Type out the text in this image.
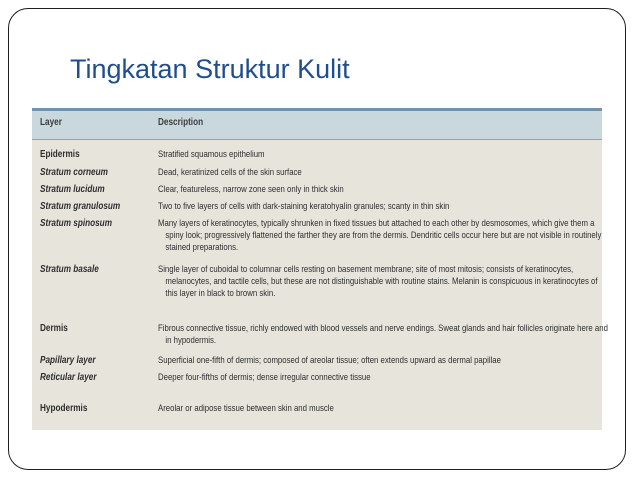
Tingkatan Struktur Kulit
Layer	Description
Epidermis	Stratified squamous epithelium
Stratum corneum	Dead, keratinized cells of the skin surface
Stratum lucidum	Clear, featureless, narrow zone seen only in thick skin
Stratum granulosum	Two to five layers of cells with dark-staining keratohyalin granules; scanty in thin skin
Stratum spinosum	Many layers of keratinocytes, typically shrunken in fixed tissues but attached to each other by desmosomes, which give them a spiny look; progressively flattened the farther they are from the dermis. Dendritic cells occur here but are not visible in routinely stained preparations.
Stratum basale	Single layer of cuboidal to columnar cells resting on basement membrane; site of most mitosis; consists of keratinocytes, melanocytes, and tactile cells, but these are not distinguishable with routine stains. Melanin is conspicuous in keratinocytes of this layer in black to brown skin.
Dermis	Fibrous connective tissue, richly endowed with blood vessels and nerve endings. Sweat glands and hair follicles originate here and in hypodermis.
Papillary layer	Superficial one-fifth of dermis; composed of areolar tissue; often extends upward as dermal papillae
Reticular layer	Deeper four-fifths of dermis; dense irregular connective tissue
Hypodermis	Areolar or adipose tissue between skin and muscle
